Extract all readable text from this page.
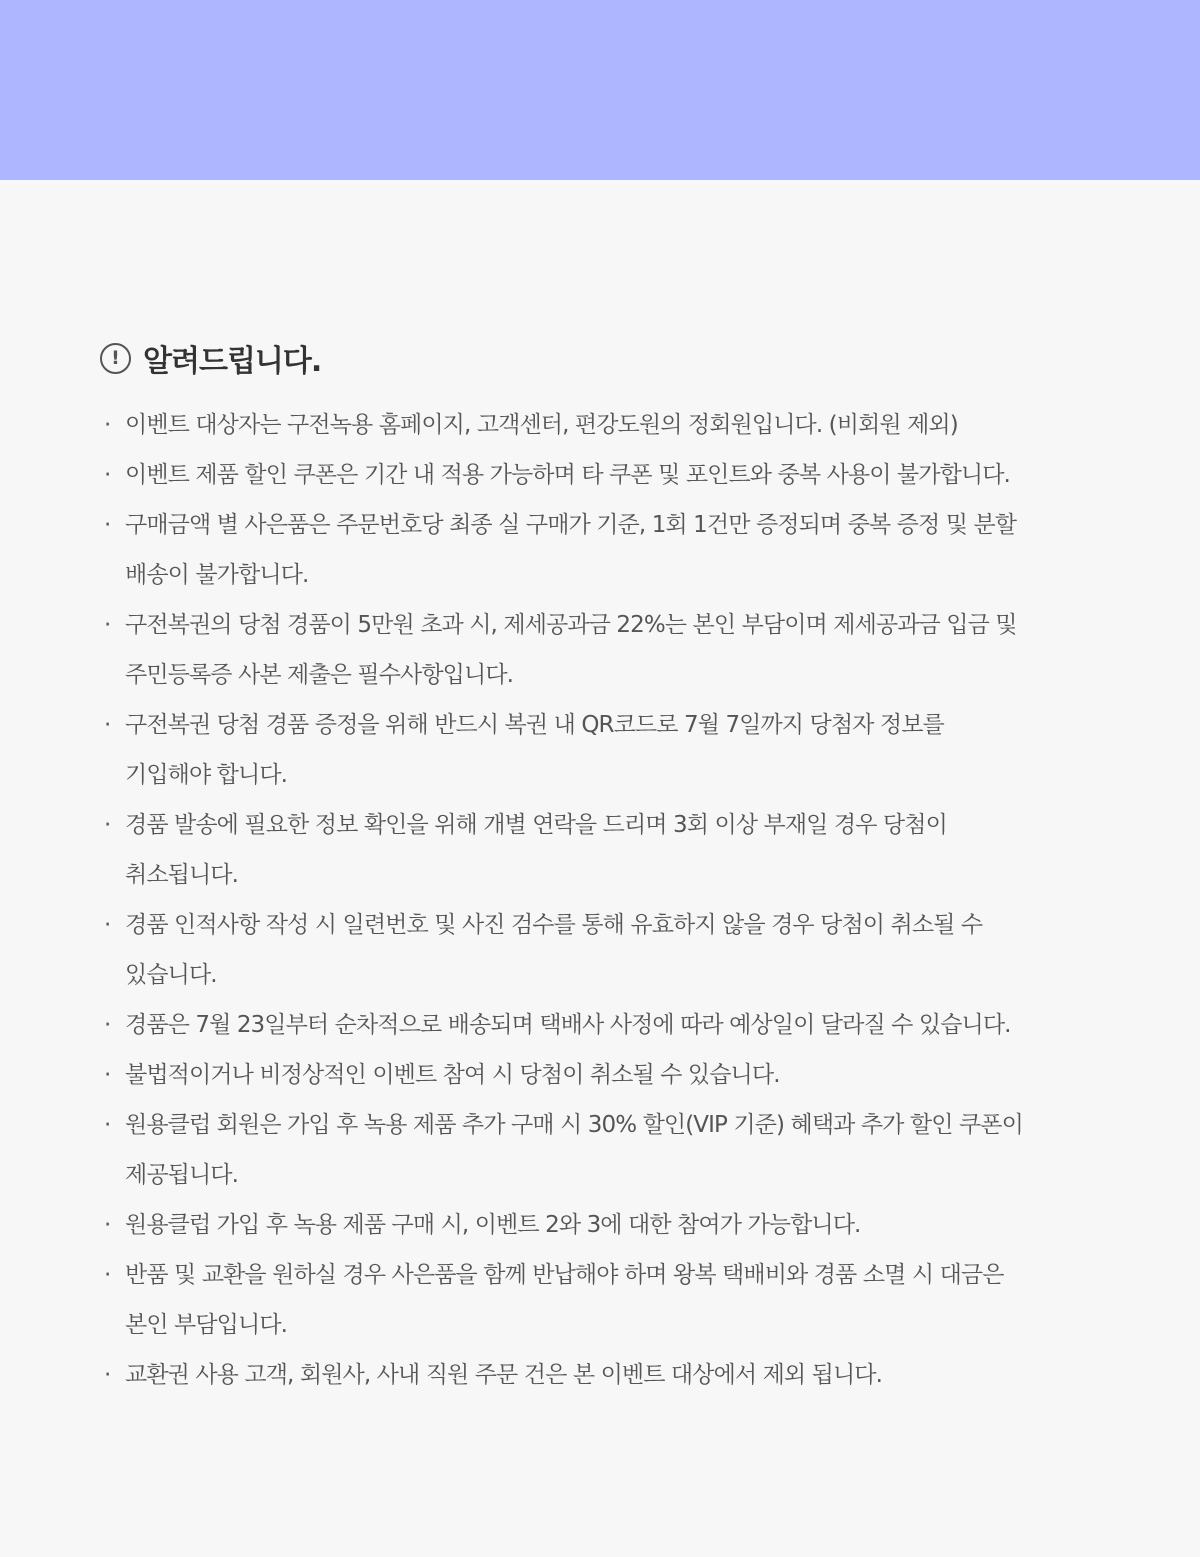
! 알려드립니다.
· 이벤트 대상자는 구전녹용 홈페이지, 고객센터, 편강도원의 정회원입니다. (비회원 제외)
· 이벤트 제품 할인 쿠폰은 기간 내 적용 가능하며 타 쿠폰 및 포인트와 중복 사용이 불가합니다.
· 구매금액 별 사은품은 주문번호당 최종 실 구매가 기준, 1회 1건만 증정되며 중복 증정 및 분할
배송이 불가합니다.
· 구전복권의 당첨 경품이 5만원 초과 시, 제세공과금 22%는 본인 부담이며 제세공과금 입금 및
주민등록증 사본 제출은 필수사항입니다.
· 구전복권 당첨 경품 증정을 위해 반드시 복권 내 QR코드로 7월 7일까지 당첨자 정보를
기입해야 합니다.
· 경품 발송에 필요한 정보 확인을 위해 개별 연락을 드리며 3회 이상 부재일 경우 당첨이
취소됩니다.
· 경품 인적사항 작성 시 일련번호 및 사진 검수를 통해 유효하지 않을 경우 당첨이 취소될 수
있습니다.
· 경품은 7월 23일부터 순차적으로 배송되며 택배사 사정에 따라 예상일이 달라질 수 있습니다.
· 불법적이거나 비정상적인 이벤트 참여 시 당첨이 취소될 수 있습니다.
· 원용클럽 회원은 가입 후 녹용 제품 추가 구매 시 30% 할인(VIP 기준) 혜택과 추가 할인 쿠폰이
제공됩니다.
· 원용클럽 가입 후 녹용 제품 구매 시, 이벤트 2와 3에 대한 참여가 가능합니다.
· 반품 및 교환을 원하실 경우 사은품을 함께 반납해야 하며 왕복 택배비와 경품 소멸 시 대금은
본인 부담입니다.
· 교환권 사용 고객, 회원사, 사내 직원 주문 건은 본 이벤트 대상에서 제외 됩니다.
